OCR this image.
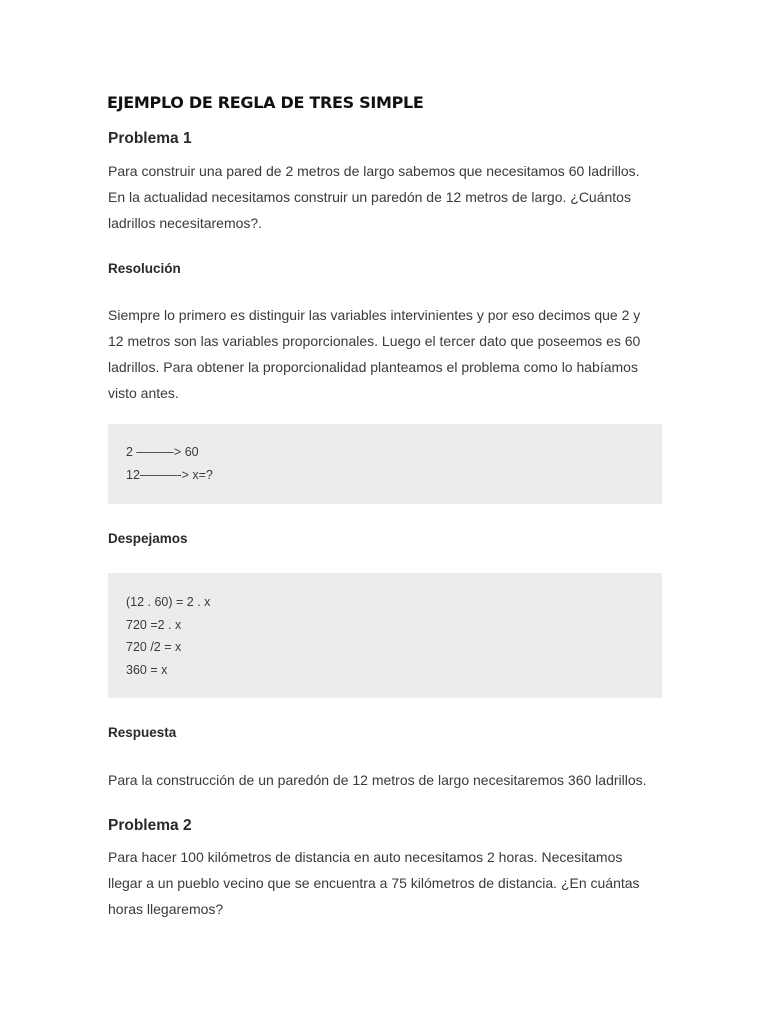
EJEMPLO DE REGLA DE TRES SIMPLE
Problema 1

Para construir una pared de 2 metros de largo sabemos que necesitamos 60 ladrillos.
En la actualidad necesitamos construir un paredón de 12 metros de largo. ¿Cuántos
ladrillos necesitaremos?.

Resolución

Siempre lo primero es distinguir las variables intervinientes y por eso decimos que 2 y
12 metros son las variables proporcionales. Luego el tercer dato que poseemos es 60
ladrillos. Para obtener la proporcionalidad planteamos el problema como lo habíamos
visto antes.

2 ———> 60
12———-> x=?
Despejamos
(12 . 60) = 2 . x
720 =2 . x
720 /2 = x
360 = x
Respuesta

Para la construcción de un paredón de 12 metros de largo necesitaremos 360 ladrillos.

Problema 2

Para hacer 100 kilómetros de distancia en auto necesitamos 2 horas. Necesitamos
llegar a un pueblo vecino que se encuentra a 75 kilómetros de distancia. ¿En cuántas
horas llegaremos?
